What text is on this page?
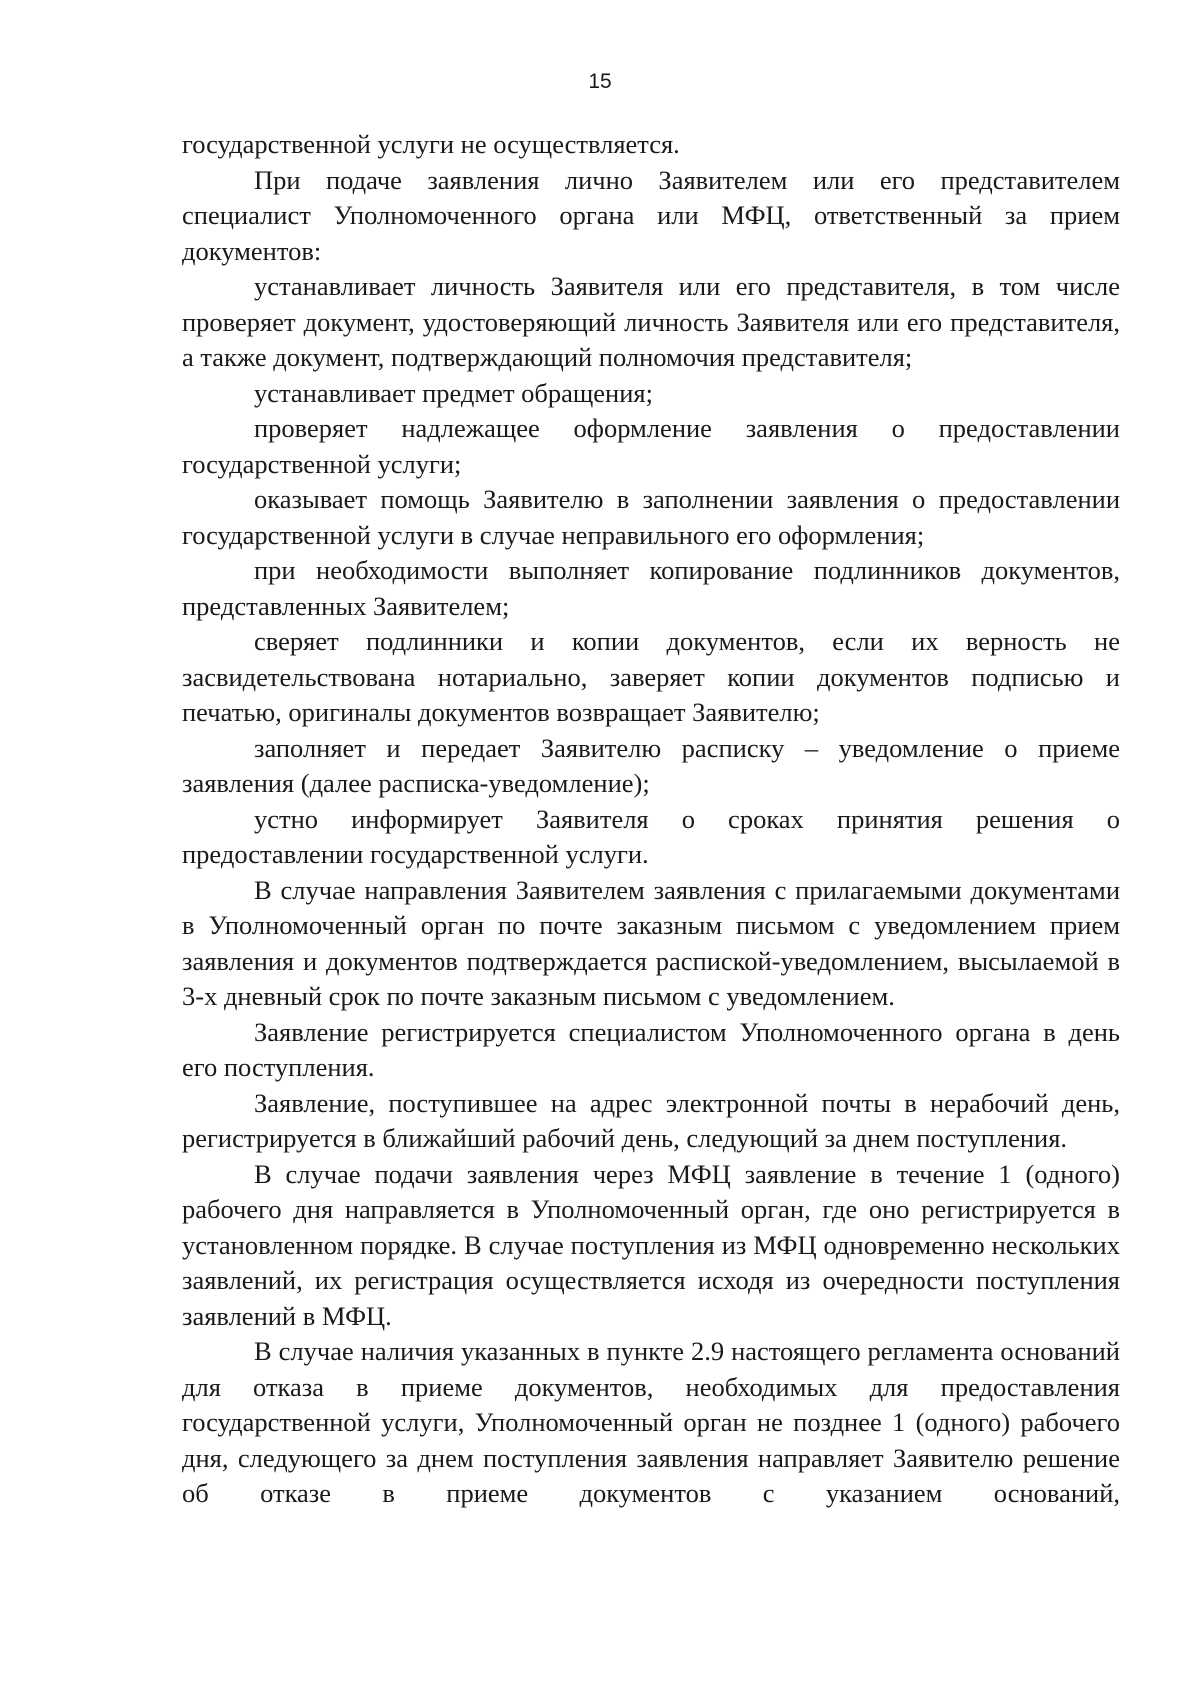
15

государственной услуги не осуществляется.

При подаче заявления лично Заявителем или его представителем специалист Уполномоченного органа или МФЦ, ответственный за прием документов:

устанавливает личность Заявителя или его представителя, в том числе проверяет документ, удостоверяющий личность Заявителя или его представителя, а также документ, подтверждающий полномочия представителя;

устанавливает предмет обращения;

проверяет надлежащее оформление заявления о предоставлении государственной услуги;

оказывает помощь Заявителю в заполнении заявления о предоставлении государственной услуги в случае неправильного его оформления;

при необходимости выполняет копирование подлинников документов, представленных Заявителем;

сверяет подлинники и копии документов, если их верность не засвидетельствована нотариально, заверяет копии документов подписью и печатью, оригиналы документов возвращает Заявителю;

заполняет и передает Заявителю расписку – уведомление о приеме заявления (далее расписка-уведомление);

устно информирует Заявителя о сроках принятия решения о предоставлении государственной услуги.

В случае направления Заявителем заявления с прилагаемыми документами в Уполномоченный орган по почте заказным письмом с уведомлением прием заявления и документов подтверждается распиской-уведомлением, высылаемой в 3-х дневный срок по почте заказным письмом с уведомлением.

Заявление регистрируется специалистом Уполномоченного органа в день его поступления.

Заявление, поступившее на адрес электронной почты в нерабочий день, регистрируется в ближайший рабочий день, следующий за днем поступления.

В случае подачи заявления через МФЦ заявление в течение 1 (одного) рабочего дня направляется в Уполномоченный орган, где оно регистрируется в установленном порядке. В случае поступления из МФЦ одновременно нескольких заявлений, их регистрация осуществляется исходя из очередности поступления заявлений в МФЦ.

В случае наличия указанных в пункте 2.9 настоящего регламента оснований для отказа в приеме документов, необходимых для предоставления государственной услуги, Уполномоченный орган не позднее 1 (одного) рабочего дня, следующего за днем поступления заявления направляет Заявителю решение об отказе в приеме документов с указанием оснований,
